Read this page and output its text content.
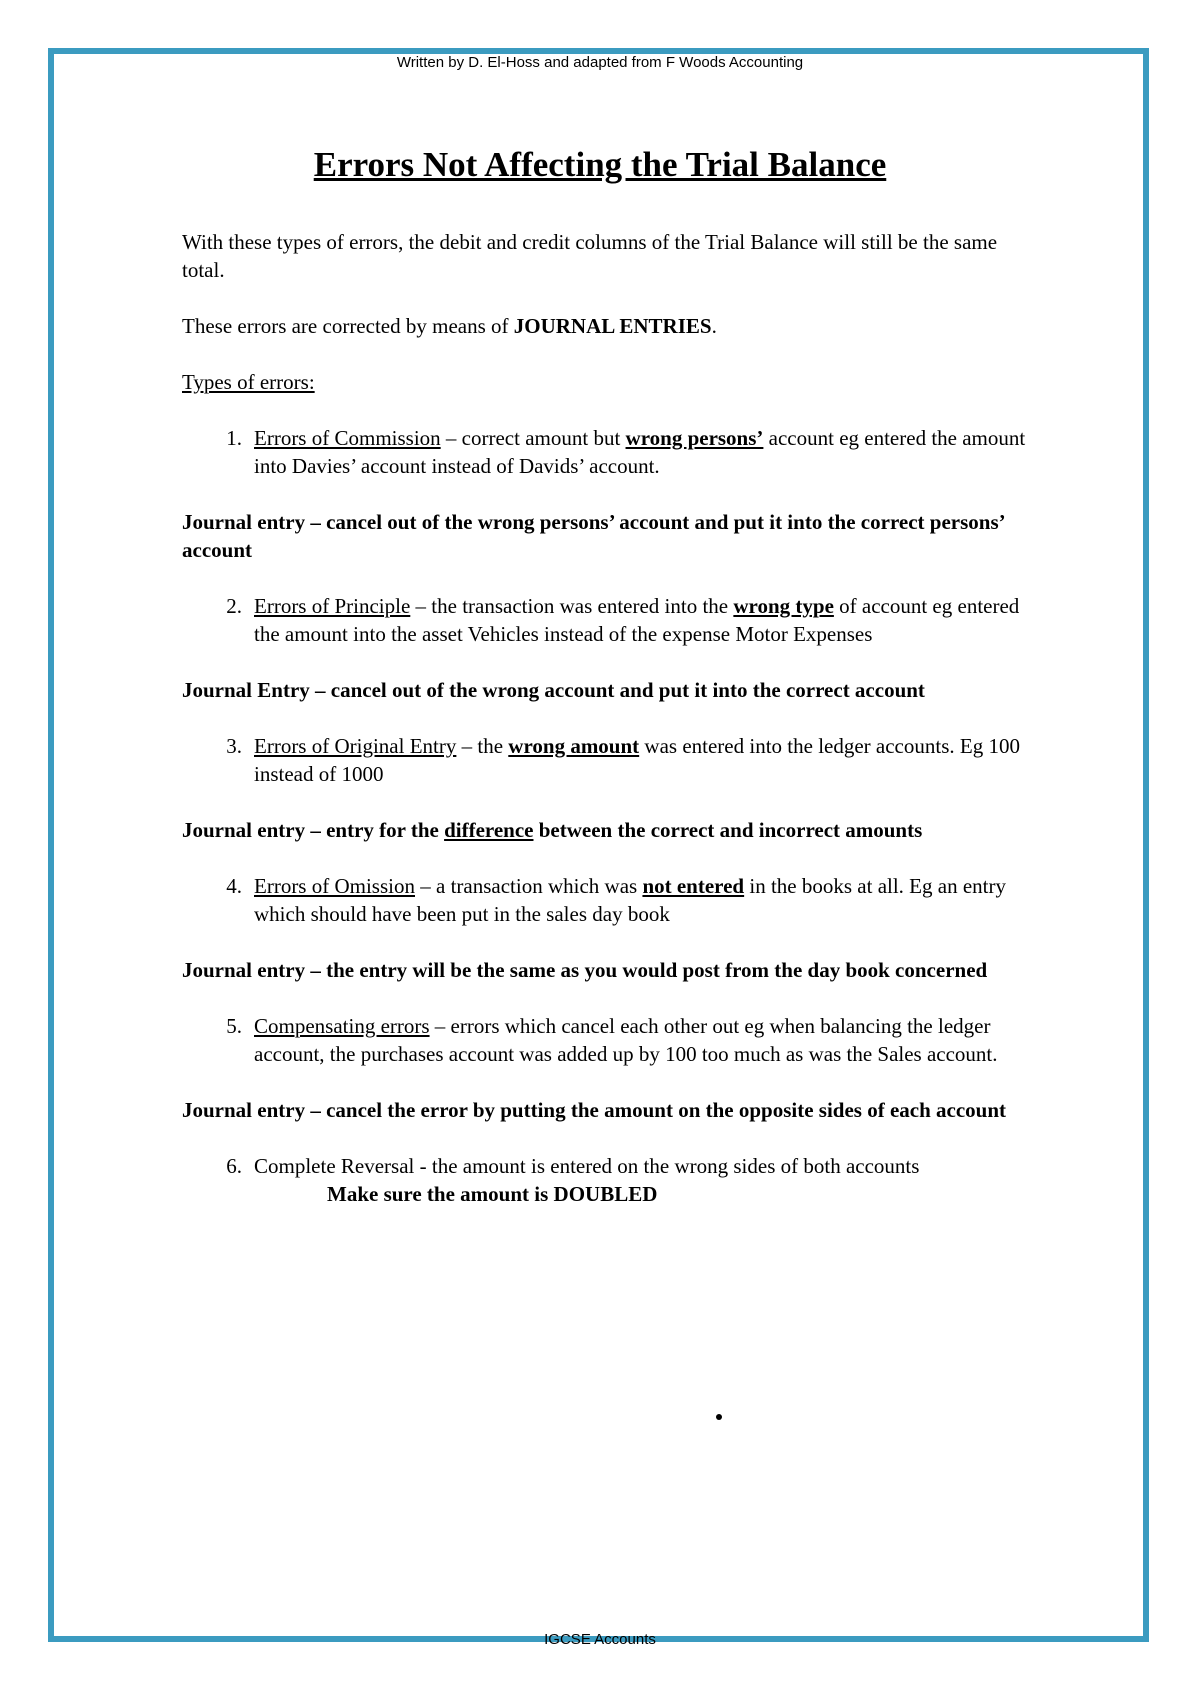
Written by D. El-Hoss and adapted from F Woods Accounting
Errors Not Affecting the Trial Balance

With these types of errors, the debit and credit columns of the Trial Balance will still be the same total.

These errors are corrected by means of JOURNAL ENTRIES.

Types of errors:

1. Errors of Commission – correct amount but wrong persons’ account eg entered the amount into Davies’ account instead of Davids’ account.

Journal entry – cancel out of the wrong persons’ account and put it into the correct persons’ account

2. Errors of Principle – the transaction was entered into the wrong type of account eg entered the amount into the asset Vehicles instead of the expense Motor Expenses

Journal Entry – cancel out of the wrong account and put it into the correct account

3. Errors of Original Entry – the wrong amount was entered into the ledger accounts. Eg 100 instead of 1000

Journal entry – entry for the difference between the correct and incorrect amounts

4. Errors of Omission – a transaction which was not entered in the books at all. Eg an entry which should have been put in the sales day book

Journal entry – the entry will be the same as you would post from the day book concerned

5. Compensating errors – errors which cancel each other out eg when balancing the ledger account, the purchases account was added up by 100 too much as was the Sales account.

Journal entry – cancel the error by putting the amount on the opposite sides of each account

6. Complete Reversal - the amount is entered on the wrong sides of both accounts

Make sure the amount is DOUBLED

IGCSE Accounts
